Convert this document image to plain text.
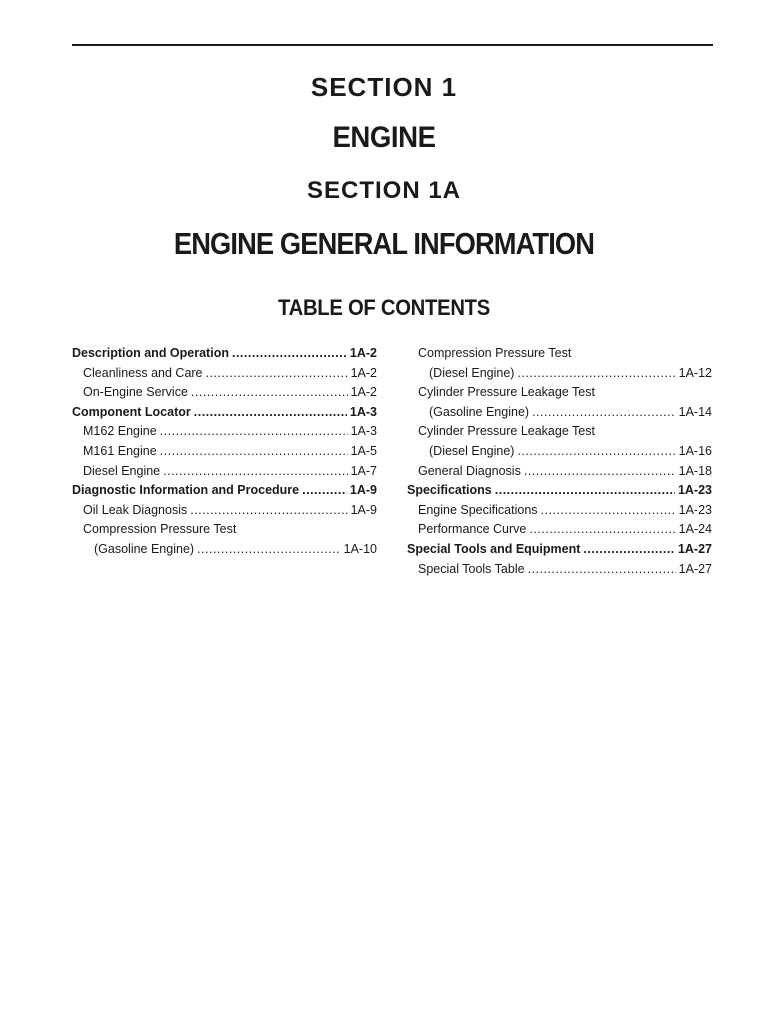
SECTION 1
ENGINE
SECTION 1A
ENGINE GENERAL INFORMATION
TABLE OF CONTENTS
Description and Operation .....	1A-2
Cleanliness and Care .....	1A-2
On-Engine Service .....	1A-2
Component Locator .....	1A-3
M162 Engine .....	1A-3
M161 Engine .....	1A-5
Diesel Engine .....	1A-7
Diagnostic Information and Procedure .....	1A-9
Oil Leak Diagnosis .....	1A-9
Compression Pressure Test
(Gasoline Engine) .....	1A-10
Compression Pressure Test
(Diesel Engine) .....	1A-12
Cylinder Pressure Leakage Test
(Gasoline Engine) .....	1A-14
Cylinder Pressure Leakage Test
(Diesel Engine) .....	1A-16
General Diagnosis .....	1A-18
Specifications .....	1A-23
Engine Specifications .....	1A-23
Performance Curve .....	1A-24
Special Tools and Equipment .....	1A-27
Special Tools Table .....	1A-27
